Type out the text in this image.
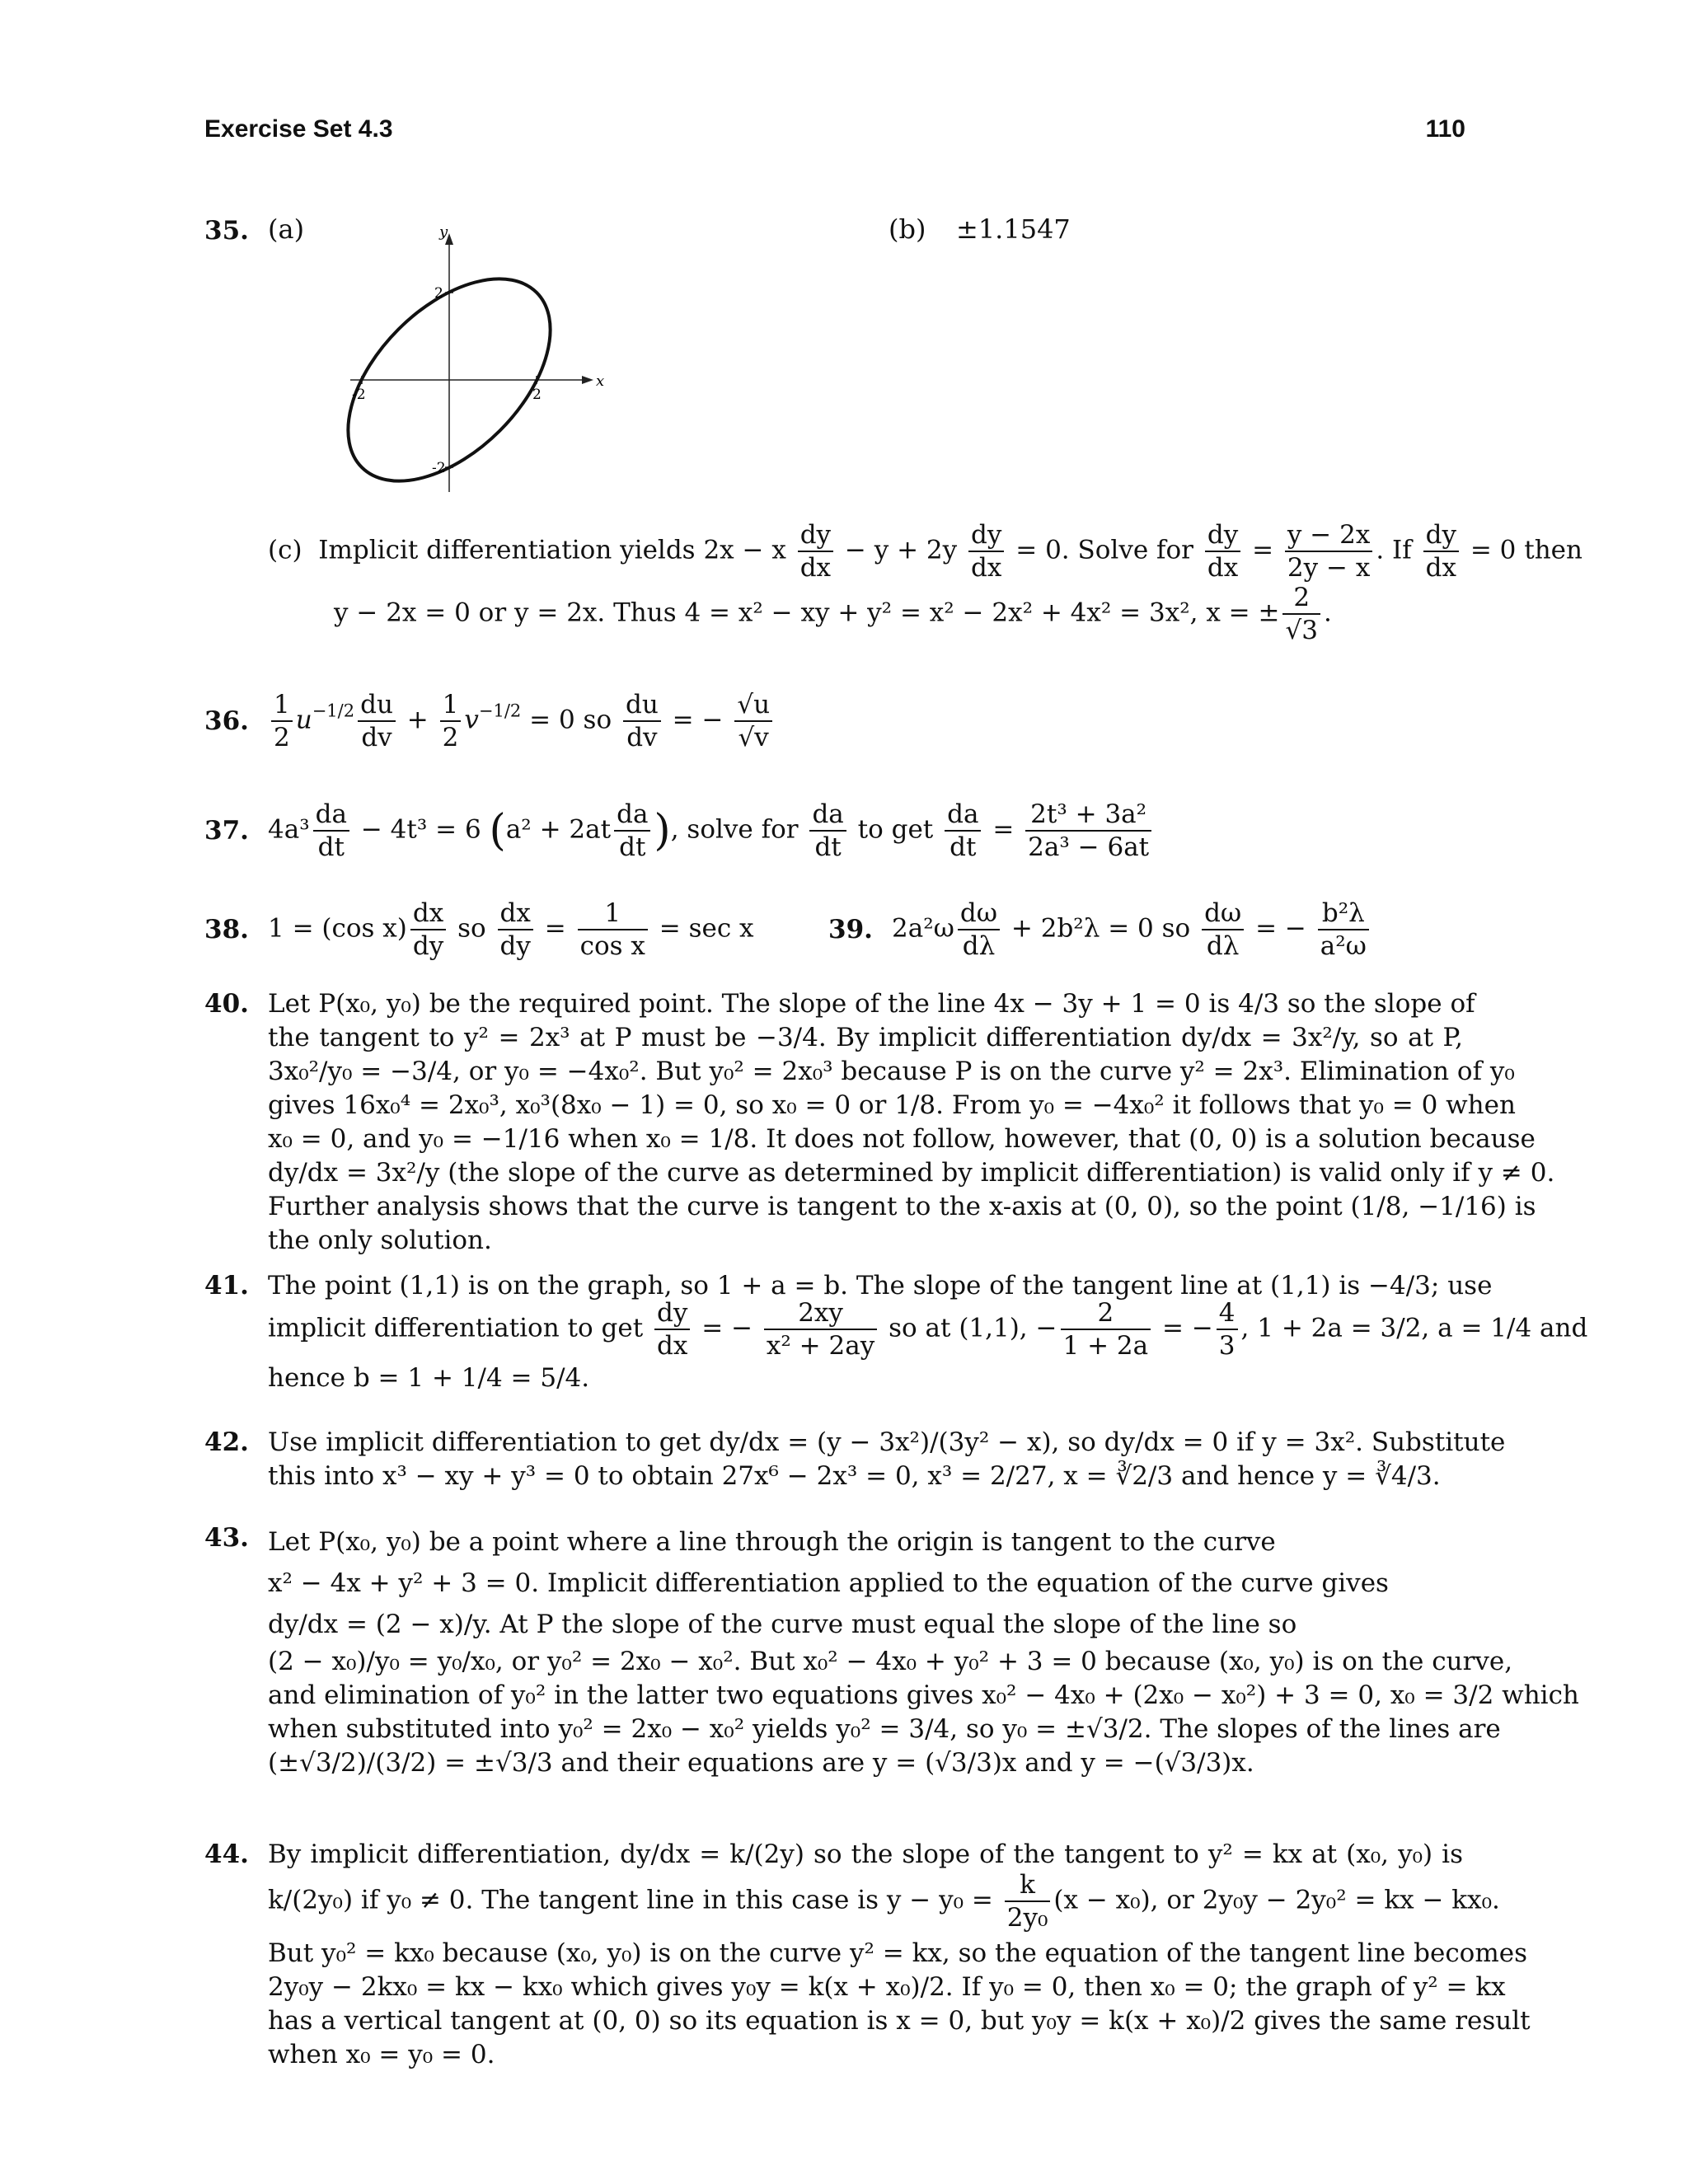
Exercise Set 4.3	110
35. (a)	(b) ±1.1547
y
x
-2	2
2
-2
(c) Implicit differentiation yields 2x − x $\frac{dy}{dx} - y + 2y \frac{dy}{dx} = 0$. Solve for $\frac{dy}{dx} = \frac{y - 2x}{2y - x}$ . If $\frac{dy}{dx} = 0$ then
y − 2x = 0 or y = 2x. Thus 4 = x² − xy + y² = x² − 2x² + 4x² = 3x², x = ± $\frac{2}{√3}$ .
36. $\frac{1}{2} u^{-1/2} \frac{du}{dv} + \frac{1}{2} v^{-1/2} = 0$ so $\frac{du}{dv}$ = − $\frac{√u}{√v}$
37. $4a^3 \frac{da}{dt} - 4t^3 = 6$ ($a^2 + 2at \frac{da}{dt}$ ), solve for $\frac{da}{dt}$ to get $\frac{da}{dt} = \frac{\text{2t³ + 3a²}}{\text{2a³ − 6at}}$
38. 1 = (cos $x) \frac{dx}{dy}$ so $\frac{dx}{dy} = \frac{1}{\text{cos x}} = \sec x$	39. $2a^2\omega \frac{d\omega}{d\lambda} + 2b^2\lambda = 0$ so $\frac{d\omega}{d\lambda}$ = − $\frac{\text{b²λ}}{\text{a²ω}}$
40. Let P(x₀, y₀) be the required point. The slope of the line 4x − 3y + 1 = 0 is 4/3 so the slope of
the tangent to y² = 2x³ at P must be −3/4. By implicit differentiation dy/dx = 3x²/y, so at P,
3x₀²/y₀ = −3/4, or y₀ = −4x₀². But y₀² = 2x₀³ because P is on the curve y² = 2x³. Elimination of y₀
gives 16x₀⁴ = 2x₀³, x₀³(8x₀ − 1) = 0, so x₀ = 0 or 1/8. From y₀ = −4x₀² it follows that y₀ = 0 when
x₀ = 0, and y₀ = −1/16 when x₀ = 1/8. It does not follow, however, that (0, 0) is a solution because
dy/dx = 3x²/y (the slope of the curve as determined by implicit differentiation) is valid only if y ≠ 0.
Further analysis shows that the curve is tangent to the x-axis at (0, 0), so the point (1/8, −1/16) is
the only solution.
41. The point (1,1) is on the graph, so 1 + a = b. The slope of the tangent line at (1,1) is −4/3; use
implicit differentiation to get $\frac{dy}{dx}$ = − $\frac{2xy}{\text{x² + 2ay}}$ so at (1,1), − $\frac{2}{1 + 2a}$ = − $\frac{4}{3}$ , 1 + 2a = 3/2, a = 1/4 and
hence b = 1 + 1/4 = 5/4.
42. Use implicit differentiation to get dy/dx = (y − 3x²)/(3y² − x), so dy/dx = 0 if y = 3x². Substitute
this into x³ − xy + y³ = 0 to obtain 27x⁶ − 2x³ = 0, x³ = 2/27, x = ∛2/3 and hence y = ∛4/3.
43. Let P(x₀, y₀) be a point where a line through the origin is tangent to the curve
x² − 4x + y² + 3 = 0. Implicit differentiation applied to the equation of the curve gives
dy/dx = (2 − x)/y. At P the slope of the curve must equal the slope of the line so
(2 − x₀)/y₀ = y₀/x₀, or y₀² = 2x₀ − x₀². But x₀² − 4x₀ + y₀² + 3 = 0 because (x₀, y₀) is on the curve,
and elimination of y₀² in the latter two equations gives x₀² − 4x₀ + (2x₀ − x₀²) + 3 = 0, x₀ = 3/2 which
when substituted into y₀² = 2x₀ − x₀² yields y₀² = 3/4, so y₀ = ±√3/2. The slopes of the lines are
(±√3/2)/(3/2) = ±√3/3 and their equations are y = (√3/3)x and y = −(√3/3)x.
44. By implicit differentiation, dy/dx = k/(2y) so the slope of the tangent to y² = kx at (x₀, y₀) is
k/(2y₀) if y₀ ≠ 0. The tangent line in this case is $y - y_0 = \frac{k}{\text{2y₀}} (x - x_0)$, or 2y₀y − 2y₀² = kx − kx₀.
But y₀² = kx₀ because (x₀, y₀) is on the curve y² = kx, so the equation of the tangent line becomes
2y₀y − 2kx₀ = kx − kx₀ which gives y₀y = k(x + x₀)/2. If y₀ = 0, then x₀ = 0; the graph of y² = kx
has a vertical tangent at (0, 0) so its equation is x = 0, but y₀y = k(x + x₀)/2 gives the same result
when x₀ = y₀ = 0.
